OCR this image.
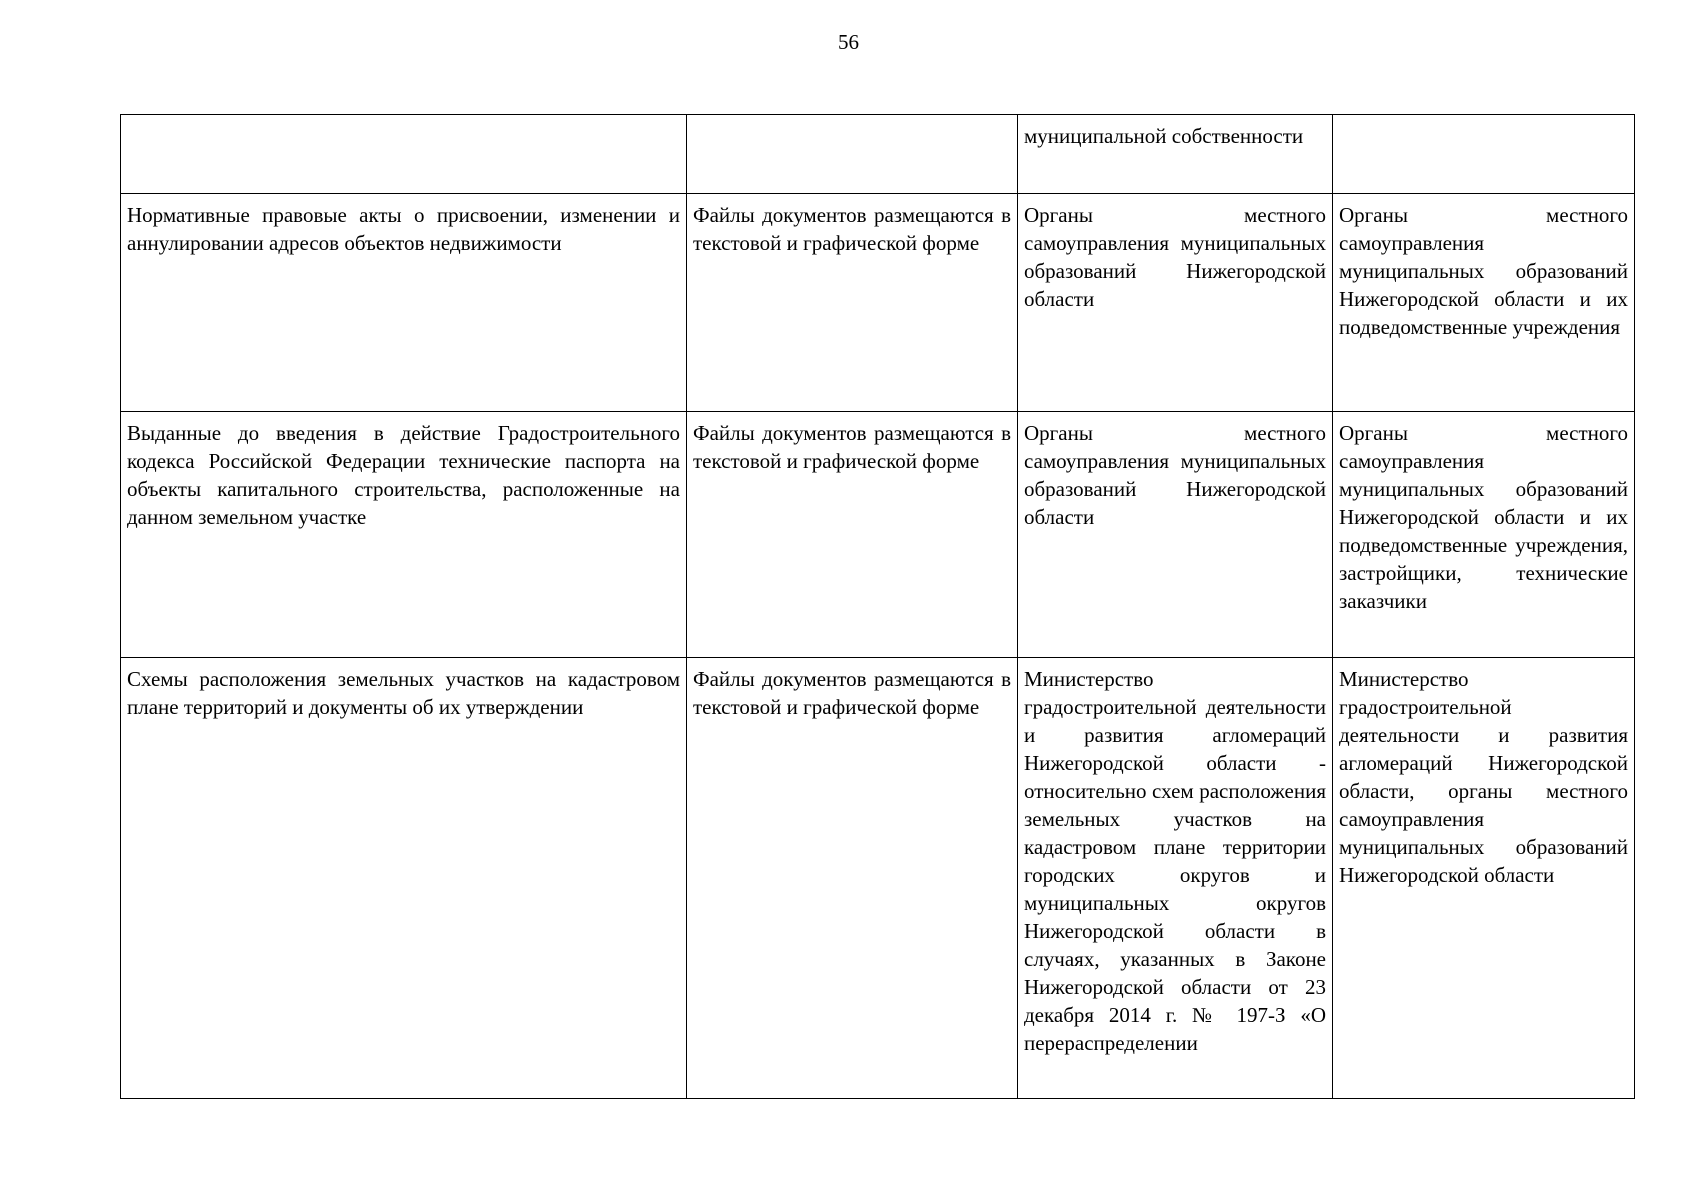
56
		муниципальной собственности	
Нормативные правовые акты о присвоении, изменении и аннулировании адресов объектов недвижимости	Файлы документов размещаются в текстовой и графической форме	Органы местного самоуправления муниципальных образований Нижегородской области	Органы местного самоуправления муниципальных образований Нижегородской области и их подведомственные учреждения
Выданные до введения в действие Градостроительного кодекса Российской Федерации технические паспорта на объекты капитального строительства, расположенные на данном земельном участке	Файлы документов размещаются в текстовой и графической форме	Органы местного самоуправления муниципальных образований Нижегородской области	Органы местного самоуправления муниципальных образований Нижегородской области и их подведомственные учреждения, застройщики, технические заказчики
Схемы расположения земельных участков на кадастровом плане территорий и документы об их утверждении	Файлы документов размещаются в текстовой и графической форме	Министерство градостроительной деятельности и развития агломераций Нижегородской области - относительно схем расположения земельных участков на кадастровом плане территории городских округов и муниципальных округов Нижегородской области в случаях, указанных в Законе Нижегородской области от 23 декабря 2014 г. № 197-З «О перераспределении	Министерство градостроительной деятельности и развития агломераций Нижегородской области, органы местного самоуправления муниципальных образований Нижегородской области
